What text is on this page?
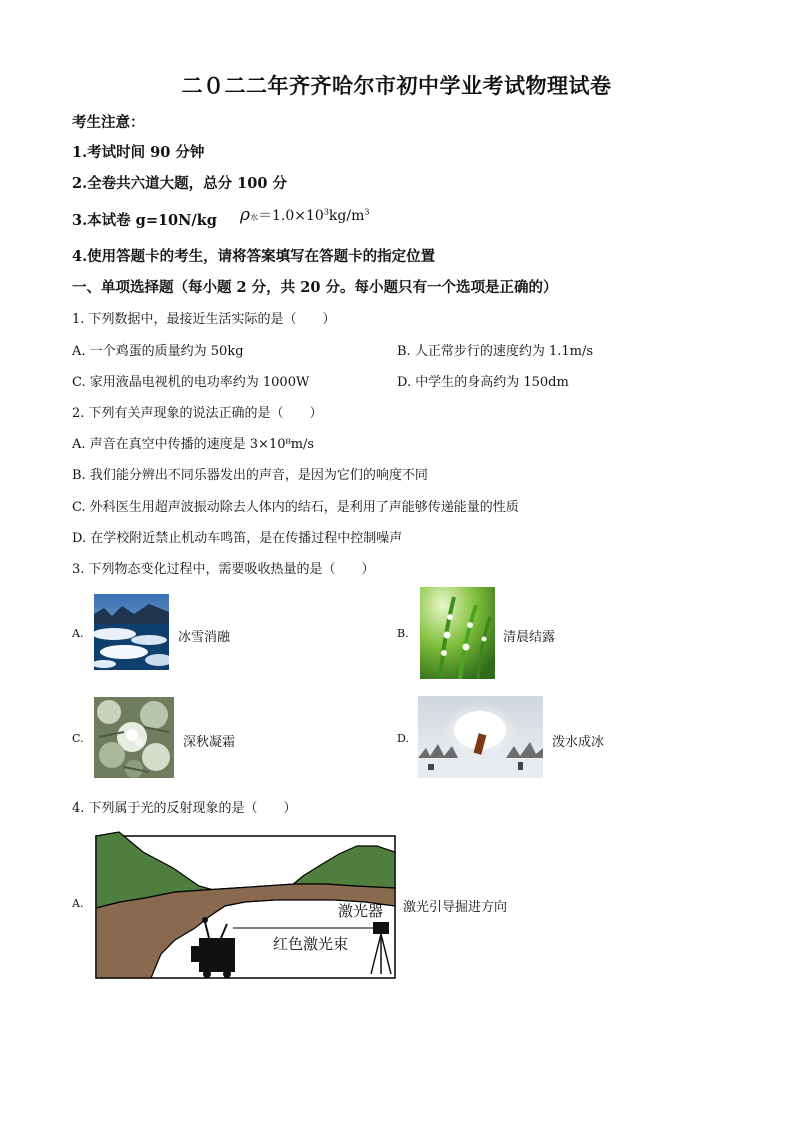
二０二二年齐齐哈尔市初中学业考试物理试卷
考生注意：
1.考试时间 90 分钟
2.全卷共六道大题，总分 100 分
3.本试卷 g=10N/kg ρ水$=1.0\times 10^3kg/m^3$
4.使用答题卡的考生，请将答案填写在答题卡的指定位置
一、单项选择题（每小题 2 分，共 20 分。每小题只有一个选项是正确的）
1. 下列数据中，最接近生活实际的是（　　）
A. 一个鸡蛋的质量约为 50kg	B. 人正常步行的速度约为 1.1m/s
C. 家用液晶电视机的电功率约为 1000W	D. 中学生的身高约为 150dm
2. 下列有关声现象的说法正确的是（　　）
A. 声音在真空中传播的速度是 3×10⁸m/s
B. 我们能分辨出不同乐器发出的声音，是因为它们的响度不同
C. 外科医生用超声波振动除去人体内的结石，是利用了声能够传递能量的性质
D. 在学校附近禁止机动车鸣笛，是在传播过程中控制噪声
3. 下列物态变化过程中，需要吸收热量的是（　　）
A.	冰雪消融	B.	清晨结露
C.	深秋凝霜	D.	泼水成冰
4. 下列属于光的反射现象的是（　　）
A.	激光器
红色激光束
激光引导掘进方向
